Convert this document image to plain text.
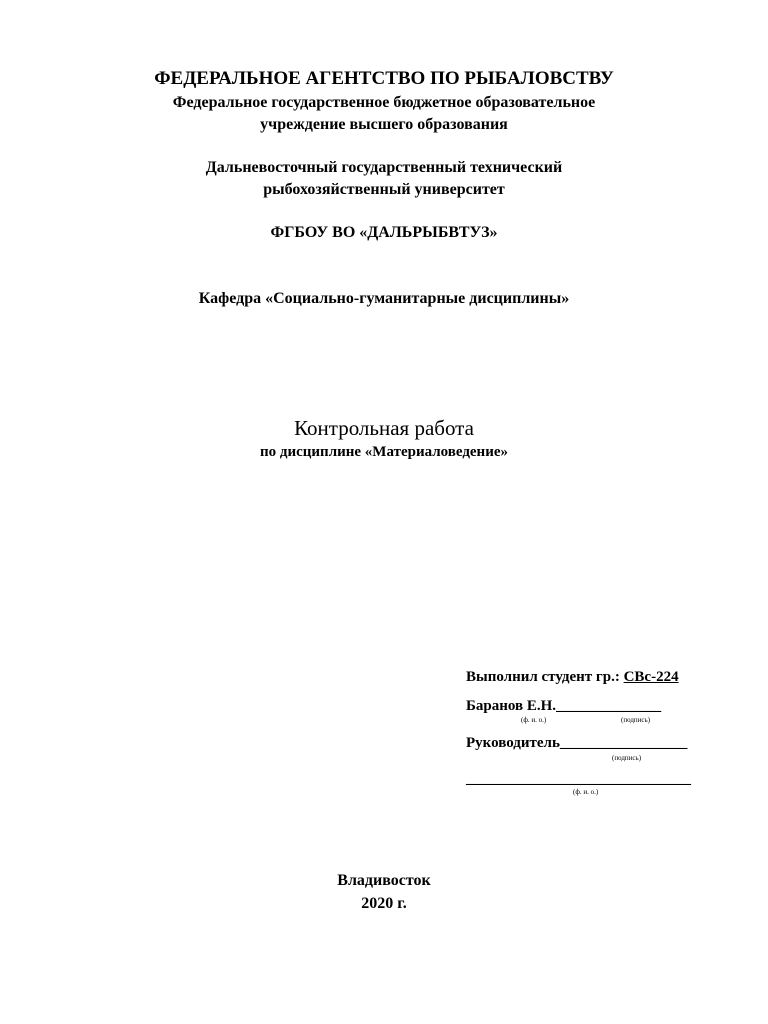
ФЕДЕРАЛЬНОЕ АГЕНТСТВО ПО РЫБАЛОВСТВУ
Федеральное государственное бюджетное образовательное
учреждение высшего образования
Дальневосточный государственный технический
рыбохозяйственный университет
ФГБОУ ВО «ДАЛЬРЫБВТУЗ»
Кафедра «Социально-гуманитарные дисциплины»
Контрольная работа
по дисциплине «Материаловедение»
Выполнил студент гр.: СВс-224
Баранов Е.Н.______________
(ф. и. о.)	(подпись)
Руководитель_________________
(подпись)
______________________________
(ф. и. о.)
Владивосток
2020 г.
